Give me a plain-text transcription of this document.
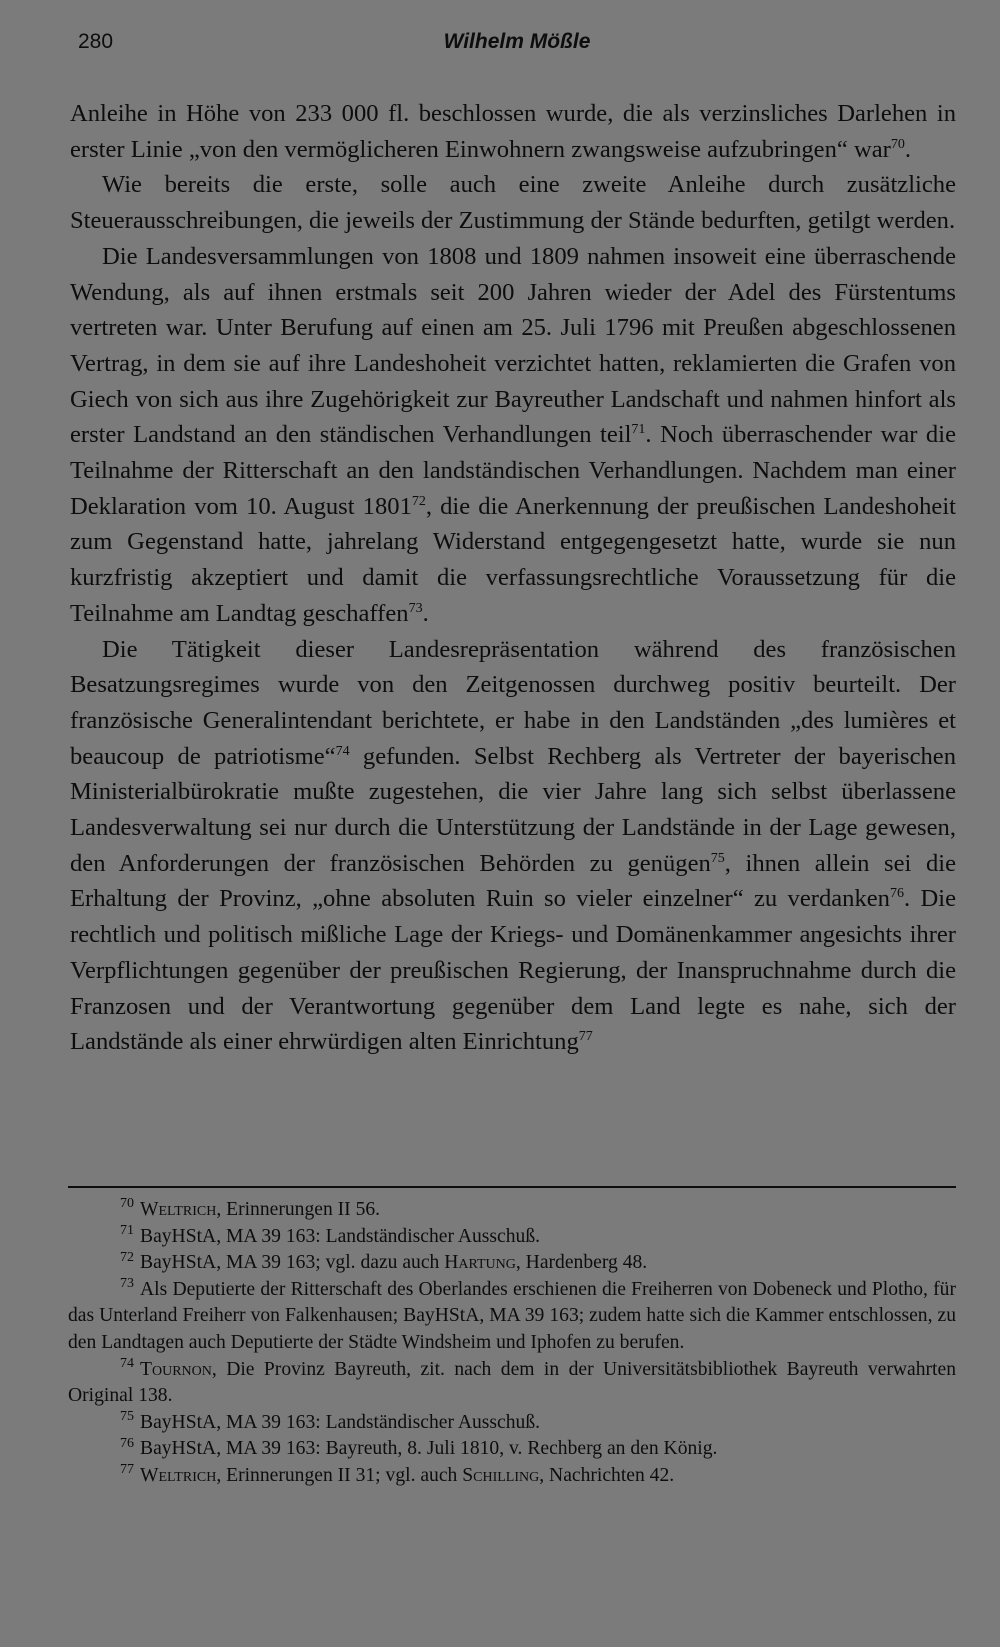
280	Wilhelm Mößle

Anleihe in Höhe von 233 000 fl. beschlossen wurde, die als verzinsliches Darlehen in erster Linie „von den vermöglicheren Einwohnern zwangsweise aufzubringen“ war$^{70}$.

Wie bereits die erste, solle auch eine zweite Anleihe durch zusätzliche Steuerausschreibungen, die jeweils der Zustimmung der Stände bedurften, getilgt werden.

Die Landesversammlungen von 1808 und 1809 nahmen insoweit eine überraschende Wendung, als auf ihnen erstmals seit 200 Jahren wieder der Adel des Fürstentums vertreten war. Unter Berufung auf einen am 25. Juli 1796 mit Preußen abgeschlossenen Vertrag, in dem sie auf ihre Landeshoheit verzichtet hatten, reklamierten die Grafen von Giech von sich aus ihre Zugehörigkeit zur Bayreuther Landschaft und nahmen hinfort als erster Landstand an den ständischen Verhandlungen teil$^{71}$. Noch überraschender war die Teilnahme der Ritterschaft an den landständischen Verhandlungen. Nachdem man einer Deklaration vom 10. August 1801$^{72}$, die die Anerkennung der preußischen Landeshoheit zum Gegenstand hatte, jahrelang Widerstand entgegengesetzt hatte, wurde sie nun kurzfristig akzeptiert und damit die verfassungsrechtliche Voraussetzung für die Teilnahme am Landtag geschaffen$^{73}$.

Die Tätigkeit dieser Landesrepräsentation während des französischen Besatzungsregimes wurde von den Zeitgenossen durchweg positiv beurteilt. Der französische Generalintendant berichtete, er habe in den Landständen „des lumières et beaucoup de patriotisme“$^{74}$ gefunden. Selbst Rechberg als Vertreter der bayerischen Ministerialbürokratie mußte zugestehen, die vier Jahre lang sich selbst überlassene Landesverwaltung sei nur durch die Unterstützung der Landstände in der Lage gewesen, den Anforderungen der französischen Behörden zu genügen$^{75}$, ihnen allein sei die Erhaltung der Provinz, „ohne absoluten Ruin so vieler einzelner“ zu verdanken$^{76}$. Die rechtlich und politisch mißliche Lage der Kriegs- und Domänenkammer angesichts ihrer Verpflichtungen gegenüber der preußischen Regierung, der Inanspruchnahme durch die Franzosen und der Verantwortung gegenüber dem Land legte es nahe, sich der Landstände als einer ehrwürdigen alten Einrichtung$^{77}$

$^{70}$ Weltrich, Erinnerungen II 56.

$^{71}$ BayHStA, MA 39 163: Landständischer Ausschuß.

$^{72}$ BayHStA, MA 39 163; vgl. dazu auch Hartung, Hardenberg 48.

$^{73}$ Als Deputierte der Ritterschaft des Oberlandes erschienen die Freiherren von Dobeneck und Plotho, für das Unterland Freiherr von Falkenhausen; BayHStA, MA 39 163; zudem hatte sich die Kammer entschlossen, zu den Landtagen auch Deputierte der Städte Windsheim und Iphofen zu berufen.

$^{74}$ Tournon, Die Provinz Bayreuth, zit. nach dem in der Universitätsbibliothek Bayreuth verwahrten Original 138.

$^{75}$ BayHStA, MA 39 163: Landständischer Ausschuß.

$^{76}$ BayHStA, MA 39 163: Bayreuth, 8. Juli 1810, v. Rechberg an den König.

$^{77}$ Weltrich, Erinnerungen II 31; vgl. auch Schilling, Nachrichten 42.
